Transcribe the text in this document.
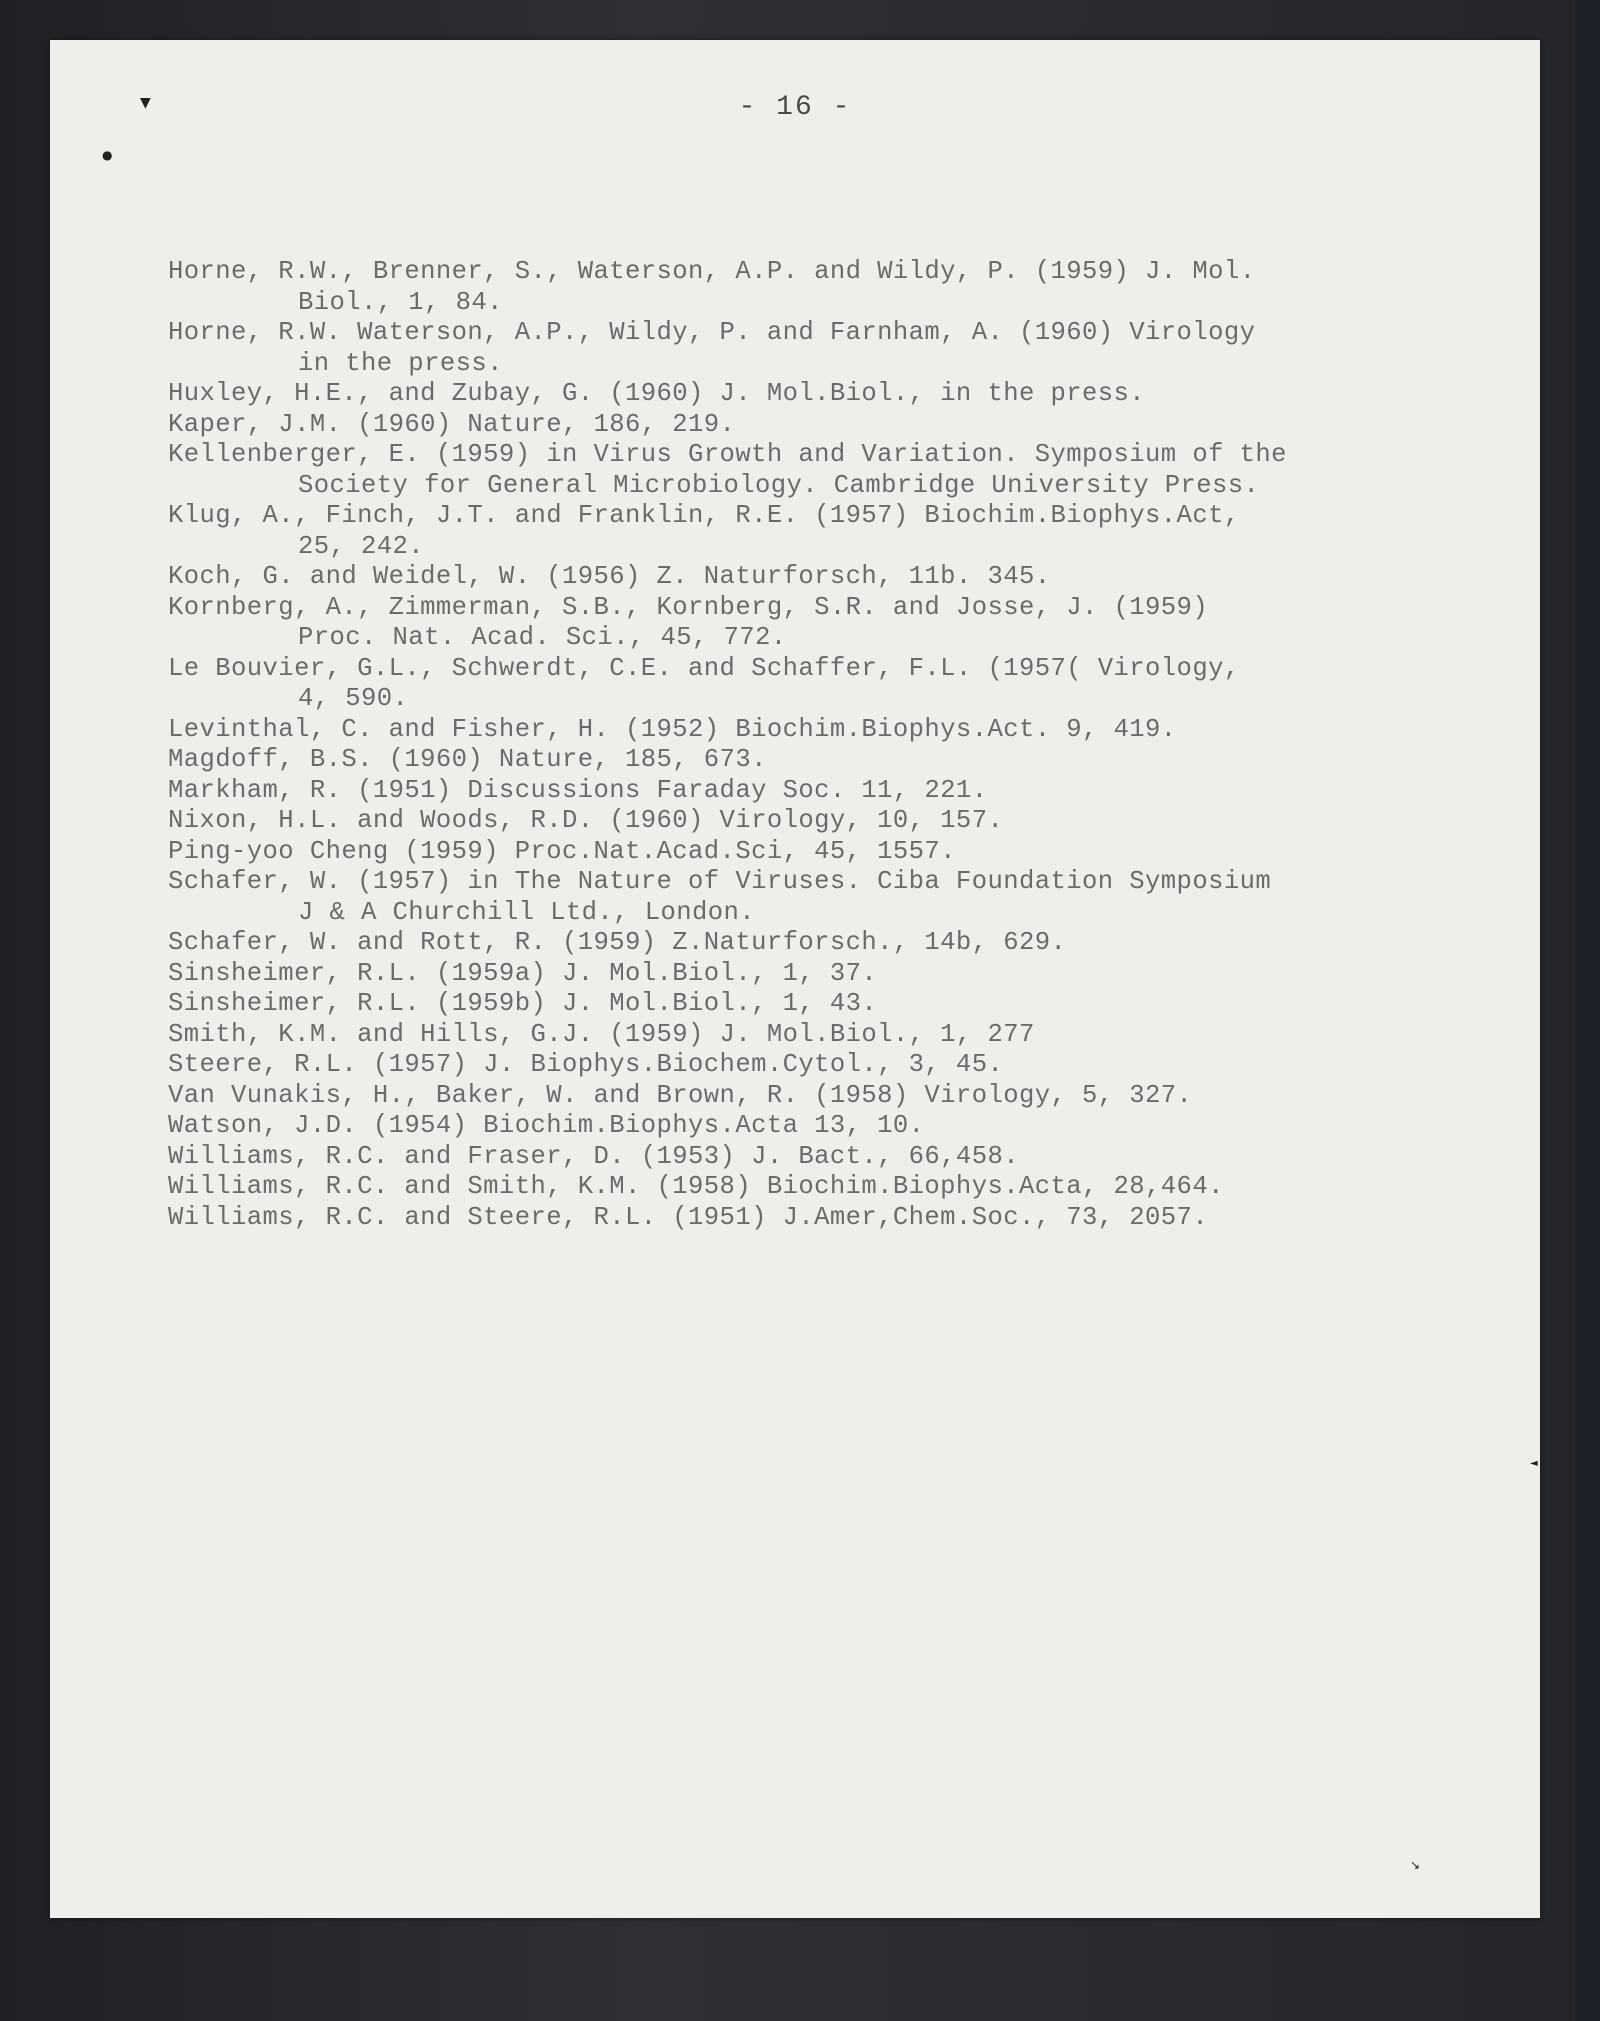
▼
●
- 16 -
Horne, R.W., Brenner, S., Waterson, A.P. and Wildy, P. (1959) J. Mol.
Biol., 1, 84.
Horne, R.W. Waterson, A.P., Wildy, P. and Farnham, A. (1960) Virology
in the press.
Huxley, H.E., and Zubay, G. (1960) J. Mol.Biol., in the press.
Kaper, J.M. (1960) Nature, 186, 219.
Kellenberger, E. (1959) in Virus Growth and Variation. Symposium of the
Society for General Microbiology. Cambridge University Press.
Klug, A., Finch, J.T. and Franklin, R.E. (1957) Biochim.Biophys.Act,
25, 242.
Koch, G. and Weidel, W. (1956) Z. Naturforsch, 11b. 345.
Kornberg, A., Zimmerman, S.B., Kornberg, S.R. and Josse, J. (1959)
Proc. Nat. Acad. Sci., 45, 772.
Le Bouvier, G.L., Schwerdt, C.E. and Schaffer, F.L. (1957( Virology,
4, 590.
Levinthal, C. and Fisher, H. (1952) Biochim.Biophys.Act. 9, 419.
Magdoff, B.S. (1960) Nature, 185, 673.
Markham, R. (1951) Discussions Faraday Soc. 11, 221.
Nixon, H.L. and Woods, R.D. (1960) Virology, 10, 157.
Ping-yoo Cheng (1959) Proc.Nat.Acad.Sci, 45, 1557.
Schafer, W. (1957) in The Nature of Viruses. Ciba Foundation Symposium
J & A Churchill Ltd., London.
Schafer, W. and Rott, R. (1959) Z.Naturforsch., 14b, 629.
Sinsheimer, R.L. (1959a) J. Mol.Biol., 1, 37.
Sinsheimer, R.L. (1959b) J. Mol.Biol., 1, 43.
Smith, K.M. and Hills, G.J. (1959) J. Mol.Biol., 1, 277
Steere, R.L. (1957) J. Biophys.Biochem.Cytol., 3, 45.
Van Vunakis, H., Baker, W. and Brown, R. (1958) Virology, 5, 327.
Watson, J.D. (1954) Biochim.Biophys.Acta 13, 10.
Williams, R.C. and Fraser, D. (1953) J. Bact., 66,458.
Williams, R.C. and Smith, K.M. (1958) Biochim.Biophys.Acta, 28,464.
Williams, R.C. and Steere, R.L. (1951) J.Amer,Chem.Soc., 73, 2057.
◄
↘
